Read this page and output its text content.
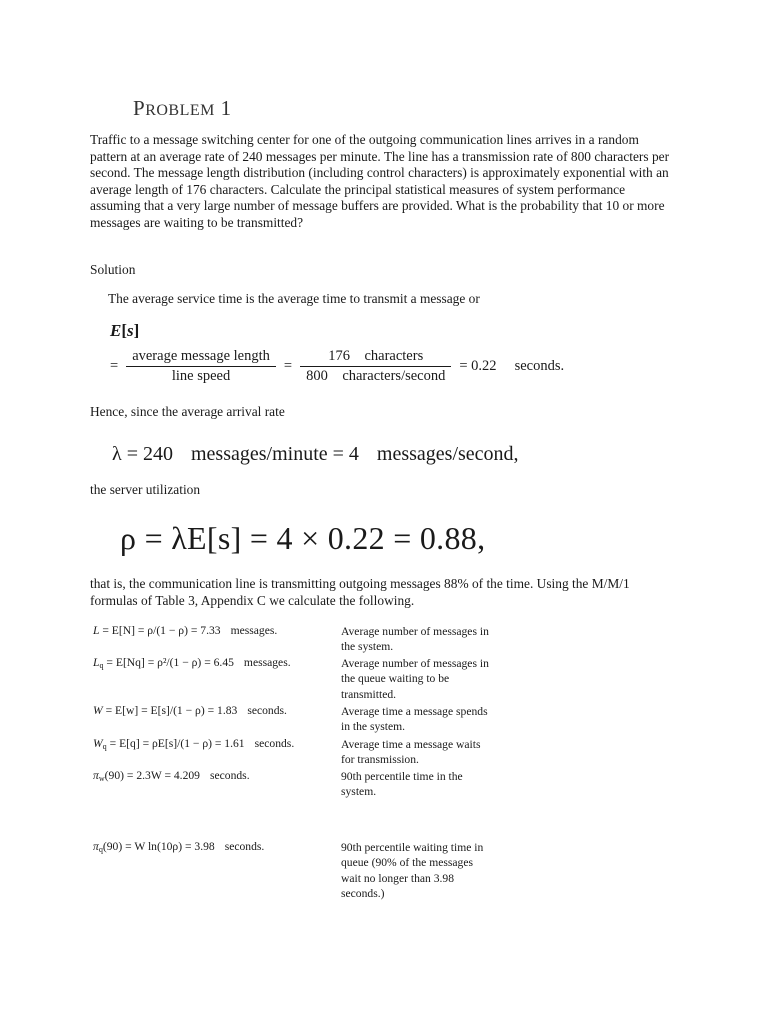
PROBLEM 1
Traffic to a message switching center for one of the outgoing communication lines arrives in a random pattern at an average rate of 240 messages per minute. The line has a transmission rate of 800 characters per second. The message length distribution (including control characters) is approximately exponential with an average length of 176 characters. Calculate the principal statistical measures of system performance assuming that a very large number of message buffers are provided. What is the probability that 10 or more messages are waiting to be transmitted?
Solution
The average service time is the average time to transmit a message or
E[s]
= $\frac{\text{average message length}}{\text{line speed}} = \frac{\text{176    characters}}{\text{800    characters/second}} = 0.22$ seconds.
Hence, since the average arrival rate
λ = 240 messages/minute = 4 messages/second,
the server utilization
ρ = λE[s] = 4 × 0.22 = 0.88,
that is, the communication line is transmitting outgoing messages 88% of the time. Using the M/M/1 formulas of Table 3, Appendix C we calculate the following.
L = E[N] = ρ/(1 − ρ) = 7.33 messages.	Average number of messages in the system.
$L_q = E[Nq] = \rho^2/(1 - \rho) = 6.45$ messages.	Average number of messages in the queue waiting to be transmitted.
W = E[w] = E[s]/(1 − ρ) = 1.83 seconds.	Average time a message spends in the system.
$W_q = E[q] = \rho E[s]/(1 - \rho) = 1.61$ seconds.	Average time a message waits for transmission.
$\pi_w(90) = 2.3W = 4.209$ seconds.	90th percentile time in the system.
$\pi_q(90) = W$ ln(10ρ) = 3.98 seconds.	90th percentile waiting time in queue (90% of the messages wait no longer than 3.98 seconds.)
